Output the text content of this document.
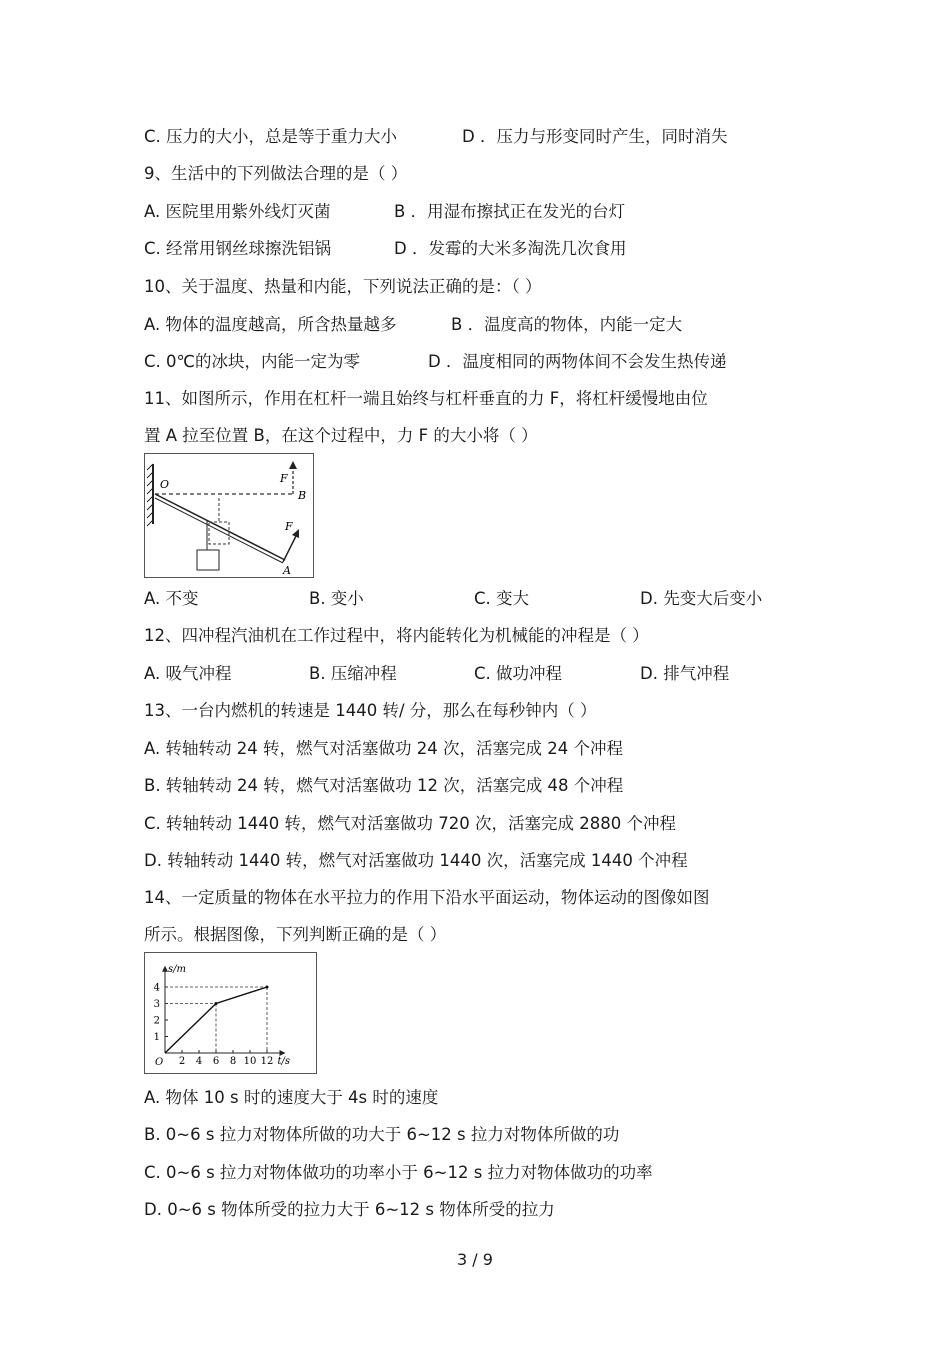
C. 压力的大小，总是等于重力大小	D ．压力与形变同时产生，同时消失
9、生活中的下列做法合理的是（ ）
A. 医院里用紫外线灯灭菌	B ．用湿布擦拭正在发光的台灯
C. 经常用钢丝球擦洗铝锅	D ．发霉的大米多淘洗几次食用
10、关于温度、热量和内能，下列说法正确的是：（ ）
A. 物体的温度越高，所含热量越多	B ．温度高的物体，内能一定大
C. 0℃的冰块，内能一定为零	D ．温度相同的两物体间不会发生热传递
11、如图所示，作用在杠杆一端且始终与杠杆垂直的力 F，将杠杆缓慢地由位
置 A 拉至位置 B，在这个过程中，力 F 的大小将（ ）
O	F
B
F
A
A. 不变	B. 变小	C. 变大	D. 先变大后变小
12、四冲程汽油机在工作过程中，将内能转化为机械能的冲程是（ ）
A. 吸气冲程	B. 压缩冲程	C. 做功冲程	D. 排气冲程
13、一台内燃机的转速是 1440 转/ 分，那么在每秒钟内（ ）
A. 转轴转动 24 转，燃气对活塞做功 24 次，活塞完成 24 个冲程
B. 转轴转动 24 转，燃气对活塞做功 12 次，活塞完成 48 个冲程
C. 转轴转动 1440 转，燃气对活塞做功 720 次，活塞完成 2880 个冲程
D. 转轴转动 1440 转，燃气对活塞做功 1440 次，活塞完成 1440 个冲程
14、一定质量的物体在水平拉力的作用下沿水平面运动，物体运动的图像如图
所示。根据图像，下列判断正确的是（ ）
2 4 6 8 10 12
1
2
3
4
O
s/m
t/s
A. 物体 10 s 时的速度大于 4s 时的速度
B. 0~6 s 拉力对物体所做的功大于 6~12 s 拉力对物体所做的功
C. 0~6 s 拉力对物体做功的功率小于 6~12 s 拉力对物体做功的功率
D. 0~6 s 物体所受的拉力大于 6~12 s 物体所受的拉力
3 / 9
